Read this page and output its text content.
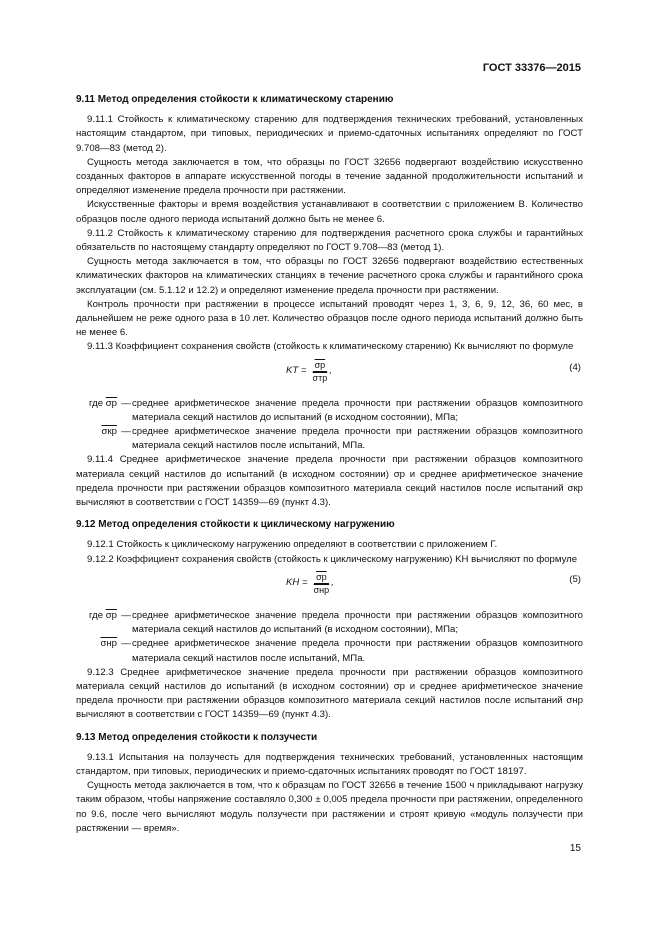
ГОСТ 33376—2015
9.11 Метод определения стойкости к климатическому старению

9.11.1 Стойкость к климатическому старению для подтверждения технических требований, установленных настоящим стандартом, при типовых, периодических и приемо-сдаточных испытаниях определяют по ГОСТ 9.708—83 (метод 2).

Сущность метода заключается в том, что образцы по ГОСТ 32656 подвергают воздействию искусственно созданных факторов в аппарате искусственной погоды в течение заданной продолжительности испытаний и определяют изменение предела прочности при растяжении.

Искусственные факторы и время воздействия устанавливают в соответствии с приложением В. Количество образцов после одного периода испытаний должно быть не менее 6.

9.11.2 Стойкость к климатическому старению для подтверждения расчетного срока службы и гарантийных обязательств по настоящему стандарту определяют по ГОСТ 9.708—83 (метод 1).

Сущность метода заключается в том, что образцы по ГОСТ 32656 подвергают воздействию естественных климатических факторов на климатических станциях в течение расчетного срока службы и гарантийного срока эксплуатации (см. 5.1.12 и 12.2) и определяют изменение предела прочности при растяжении.

Контроль прочности при растяжении в процессе испытаний проводят через 1, 3, 6, 9, 12, 36, 60 мес, в дальнейшем не реже одного раза в 10 лет. Количество образцов после одного периода испытаний должно быть не менее 6.

9.11.3 Коэффициент сохранения свойств (стойкость к климатическому старению) Kк вычисляют по формуле

KТ = $\frac{\sigma р}{\text{σтр}}$ ,	(4)
где σр — среднее арифметическое значение предела прочности при растяжении образцов композитного материала секций настилов до испытаний (в исходном состоянии), МПа;
σкр — среднее арифметическое значение предела прочности при растяжении образцов композитного материала секций настилов после испытаний, МПа.

9.11.4 Среднее арифметическое значение предела прочности при растяжении образцов композитного материала секций настилов до испытаний (в исходном состоянии) σр и среднее арифметическое значение предела прочности при растяжении образцов композитного материала секций настилов после испытаний σкр вычисляют в соответствии с ГОСТ 14359—69 (пункт 4.3).

9.12 Метод определения стойкости к циклическому нагружению

9.12.1 Стойкость к циклическому нагружению определяют в соответствии с приложением Г.

9.12.2 Коэффициент сохранения свойств (стойкость к циклическому нагружению) KН вычисляют по формуле

KН = $\frac{\sigma р}{\text{σнр}}$ ,	(5)
где σр — среднее арифметическое значение предела прочности при растяжении образцов композитного материала секций настилов до испытаний (в исходном состоянии), МПа;
σнр — среднее арифметическое значение предела прочности при растяжении образцов композитного материала секций настилов после испытаний, МПа.

9.12.3 Среднее арифметическое значение предела прочности при растяжении образцов композитного материала секций настилов до испытаний (в исходном состоянии) σр и среднее арифметическое значение предела прочности при растяжении образцов композитного материала секций настилов после испытаний σнр вычисляют в соответствии с ГОСТ 14359—69 (пункт 4.3).

9.13 Метод определения стойкости к ползучести

9.13.1 Испытания на ползучесть для подтверждения технических требований, установленных настоящим стандартом, при типовых, периодических и приемо-сдаточных испытаниях проводят по ГОСТ 18197.

Сущность метода заключается в том, что к образцам по ГОСТ 32656 в течение 1500 ч прикладывают нагрузку таким образом, чтобы напряжение составляло 0,300 ± 0,005 предела прочности при растяжении, определенного по 9.6, после чего вычисляют модуль ползучести при растяжении и строят кривую «модуль ползучести при растяжении — время».

15
